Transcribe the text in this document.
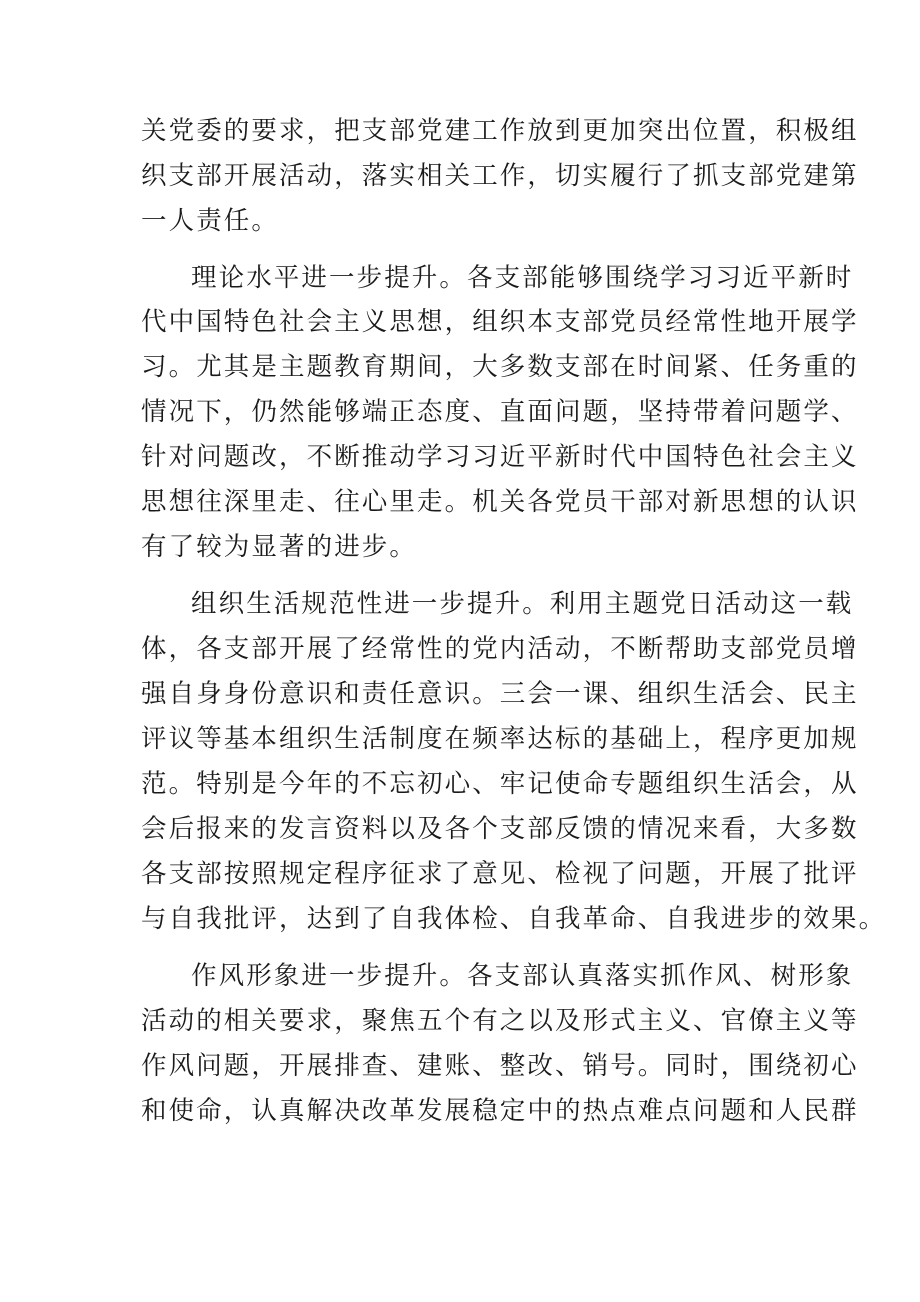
关党委的要求，把支部党建工作放到更加突出位置，积极组
织支部开展活动，落实相关工作，切实履行了抓支部党建第
一人责任。
理论水平进一步提升。各支部能够围绕学习习近平新时
代中国特色社会主义思想，组织本支部党员经常性地开展学
习。尤其是主题教育期间，大多数支部在时间紧、任务重的
情况下，仍然能够端正态度、直面问题，坚持带着问题学、
针对问题改，不断推动学习习近平新时代中国特色社会主义
思想往深里走、往心里走。机关各党员干部对新思想的认识
有了较为显著的进步。
组织生活规范性进一步提升。利用主题党日活动这一载
体，各支部开展了经常性的党内活动，不断帮助支部党员增
强自身身份意识和责任意识。三会一课、组织生活会、民主
评议等基本组织生活制度在频率达标的基础上，程序更加规
范。特别是今年的不忘初心、牢记使命专题组织生活会，从
会后报来的发言资料以及各个支部反馈的情况来看，大多数
各支部按照规定程序征求了意见、检视了问题，开展了批评
与自我批评，达到了自我体检、自我革命、自我进步的效果。
作风形象进一步提升。各支部认真落实抓作风、树形象
活动的相关要求，聚焦五个有之以及形式主义、官僚主义等
作风问题，开展排查、建账、整改、销号。同时，围绕初心
和使命，认真解决改革发展稳定中的热点难点问题和人民群
